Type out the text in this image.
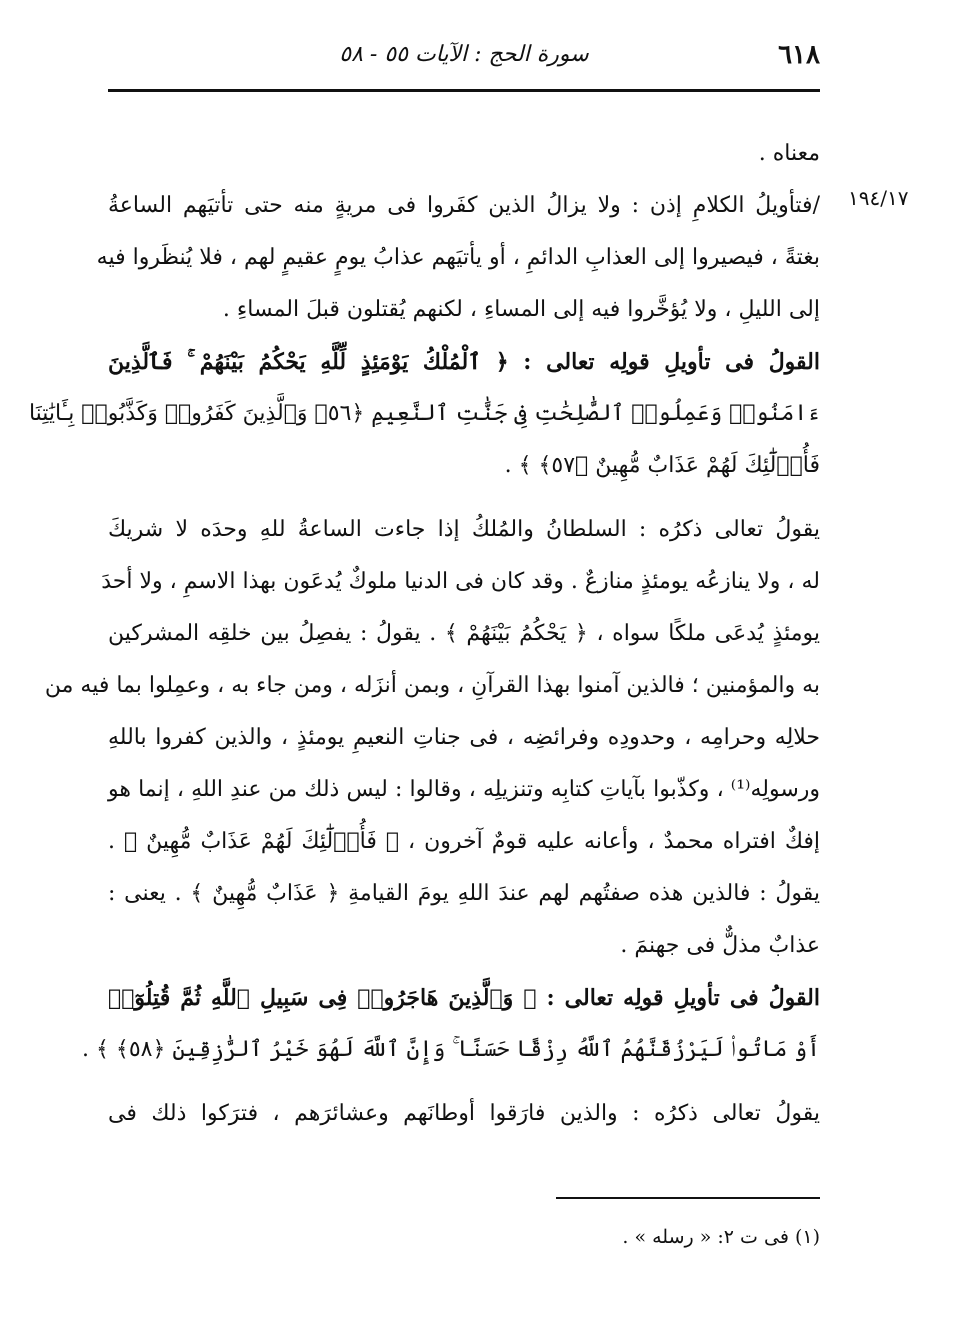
٦١٨
سورة الحج : الآيات ٥٥ - ٥٨
١٩٤/١٧
معناه .
/فتأويلُ الكلامِ إذن : ولا يزالُ الذين كفَروا فى مريةٍ منه حتى تأتيَهم الساعةُ
بغتةً ، فيصيروا إلى العذابِ الدائمِ ، أو يأتيَهم عذابُ يومٍ عقيمٍ لهم ، فلا يُنظَروا فيه
إلى الليلِ ، ولا يُؤخَّروا فيه إلى المساءِ ، لكنهم يُقتلون قبلَ المساءِ .
القولُ فى تأويلِ قولِه تعالى : ﴿ ٱلْمُلْكُ يَوْمَئِذٍ لِّلَّهِ يَحْكُمُ بَيْنَهُمْ ۚ فَٱلَّذِينَ
ءَامَنُوا۟ وَعَمِلُوا۟ ٱلصَّٰلِحَٰتِ فِى جَنَّٰتِ ٱلنَّعِيمِ ﴿٥٦﴾ وَٱلَّذِينَ كَفَرُوا۟ وَكَذَّبُوا۟ بِـَٔايَٰتِنَا
فَأُو۟لَٰٓئِكَ لَهُمْ عَذَابٌ مُّهِينٌ ﴿٥٧﴾ ﴾ .
يقولُ تعالى ذكرُه : السلطانُ والمُلكُ إذا جاءت الساعةُ للهِ وحدَه لا شريكَ
له ، ولا ينازعُه يومئذٍ منازعٌ . وقد كان فى الدنيا ملوكٌ يُدعَون بهذا الاسمِ ، ولا أحدَ
يومئذٍ يُدعَى ملكًا سواه ، ﴿ يَحْكُمُ بَيْنَهُمْ ﴾ . يقولُ : يفصِلُ بين خلقِه المشركين
به والمؤمنين ؛ فالذين آمنوا بهذا القرآنِ ، وبمن أنزَله ، ومن جاء به ، وعمِلوا بما فيه من
حلالِه وحرامِه ، وحدودِه وفرائضِه ، فى جناتِ النعيمِ يومئذٍ ، والذين كفروا باللهِ
ورسولِه⁽¹⁾ ، وكذّبوا بآياتِ كتابِه وتنزيلِه ، وقالوا : ليس ذلك من عندِ اللهِ ، إنما هو
إفكٌ افتراه محمدٌ ، وأعانه عليه قومٌ آخرون ، ﴿ فَأُو۟لَٰٓئِكَ لَهُمْ عَذَابٌ مُّهِينٌ ﴾ .
يقولُ : فالذين هذه صفتُهم لهم عندَ اللهِ يومَ القيامةِ ﴿ عَذَابٌ مُّهِينٌ ﴾ . يعنى :
عذابٌ مذلٌّ فى جهنمَ .
القولُ فى تأويلِ قولِه تعالى : ﴿ وَٱلَّذِينَ هَاجَرُوا۟ فِى سَبِيلِ ٱللَّهِ ثُمَّ قُتِلُوٓا۟
أَوْ مَاتُوا۟ لَيَرْزُقَنَّهُمُ ٱللَّهُ رِزْقًا حَسَنًا ۚ وَإِنَّ ٱللَّهَ لَهُوَ خَيْرُ ٱلرَّٰزِقِينَ ﴿٥٨﴾ ﴾ .
يقولُ تعالى ذكرُه : والذين فارَقوا أوطانَهم وعشائرَهم ، فترَكوا ذلك فى
(١) فى ت ٢: « رسله » .
